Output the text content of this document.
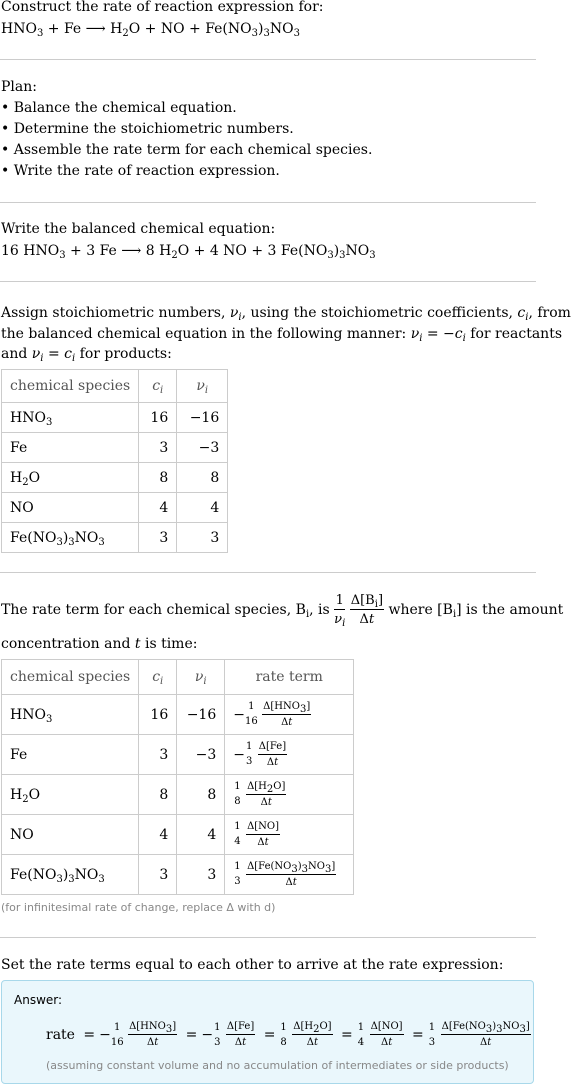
Construct the rate of reaction expression for:
$HNO_3 + Fe$ ⟶ $H_2O$ + NO + $Fe(NO_3)_3NO_3$
Plan:
• Balance the chemical equation.
• Determine the stoichiometric numbers.
• Assemble the rate term for each chemical species.
• Write the rate of reaction expression.
Write the balanced chemical equation:
16 $HNO_3 + 3$ Fe ⟶ 8 $H_2O + 4$ NO + 3 $Fe(NO_3)_3NO_3$
Assign stoichiometric numbers, $\nu_i$, using the stoichiometric coefficients, $c_i$, from
the balanced chemical equation in the following manner: $\nu_i = -c_i$ for reactants
and $\nu_i = c_i$ for products:
chemical species	$c_i$	$\nu_i$
$HNO_3$	16	−16
Fe	3	−3
$H_2O$	8	8
NO	4	4
$Fe(NO_3)_3NO_3$	3	3
The rate term for each chemical species, $B_i$, is $\frac{1}{\nu_i}$
$\frac{\Delta[B_i]}{\Delta t}$ where $[B_i]$ is the amount
concentration and t is time:
chemical species	$c_i$	$\nu_i$	rate term
$HNO_3$	16	−16	− 1
16
$\frac{\Delta[HNO_3]}{\Delta t}$

Fe	3	−3	− 1
3
$\frac{\Delta[Fe]}{\Delta t}$

$H_2O$	8	8	1
8
$\frac{\Delta[H_2O]}{\Delta t}$

NO	4	4	1
4
$\frac{\Delta[NO]}{\Delta t}$

$Fe(NO_3)_3NO_3$	3	3	1
3
$\frac{\Delta[Fe(NO_3)_3NO_3]}{\Delta t}$
(for infinitesimal rate of change, replace Δ with d)
Set the rate terms equal to each other to arrive at the rate expression:
Answer:
rate = − 1
16
$\frac{\Delta[HNO_3]}{\Delta t}$ = − 1
3
$\frac{\Delta[Fe]}{\Delta t} = 1$
8
$\frac{\Delta[H_2O]}{\Delta t} = 1$
4
$\frac{\Delta[NO]}{\Delta t} = 1$
3
$\frac{\Delta[Fe(NO_3)_3NO_3]}{\Delta t}$
(assuming constant volume and no accumulation of intermediates or side products)
